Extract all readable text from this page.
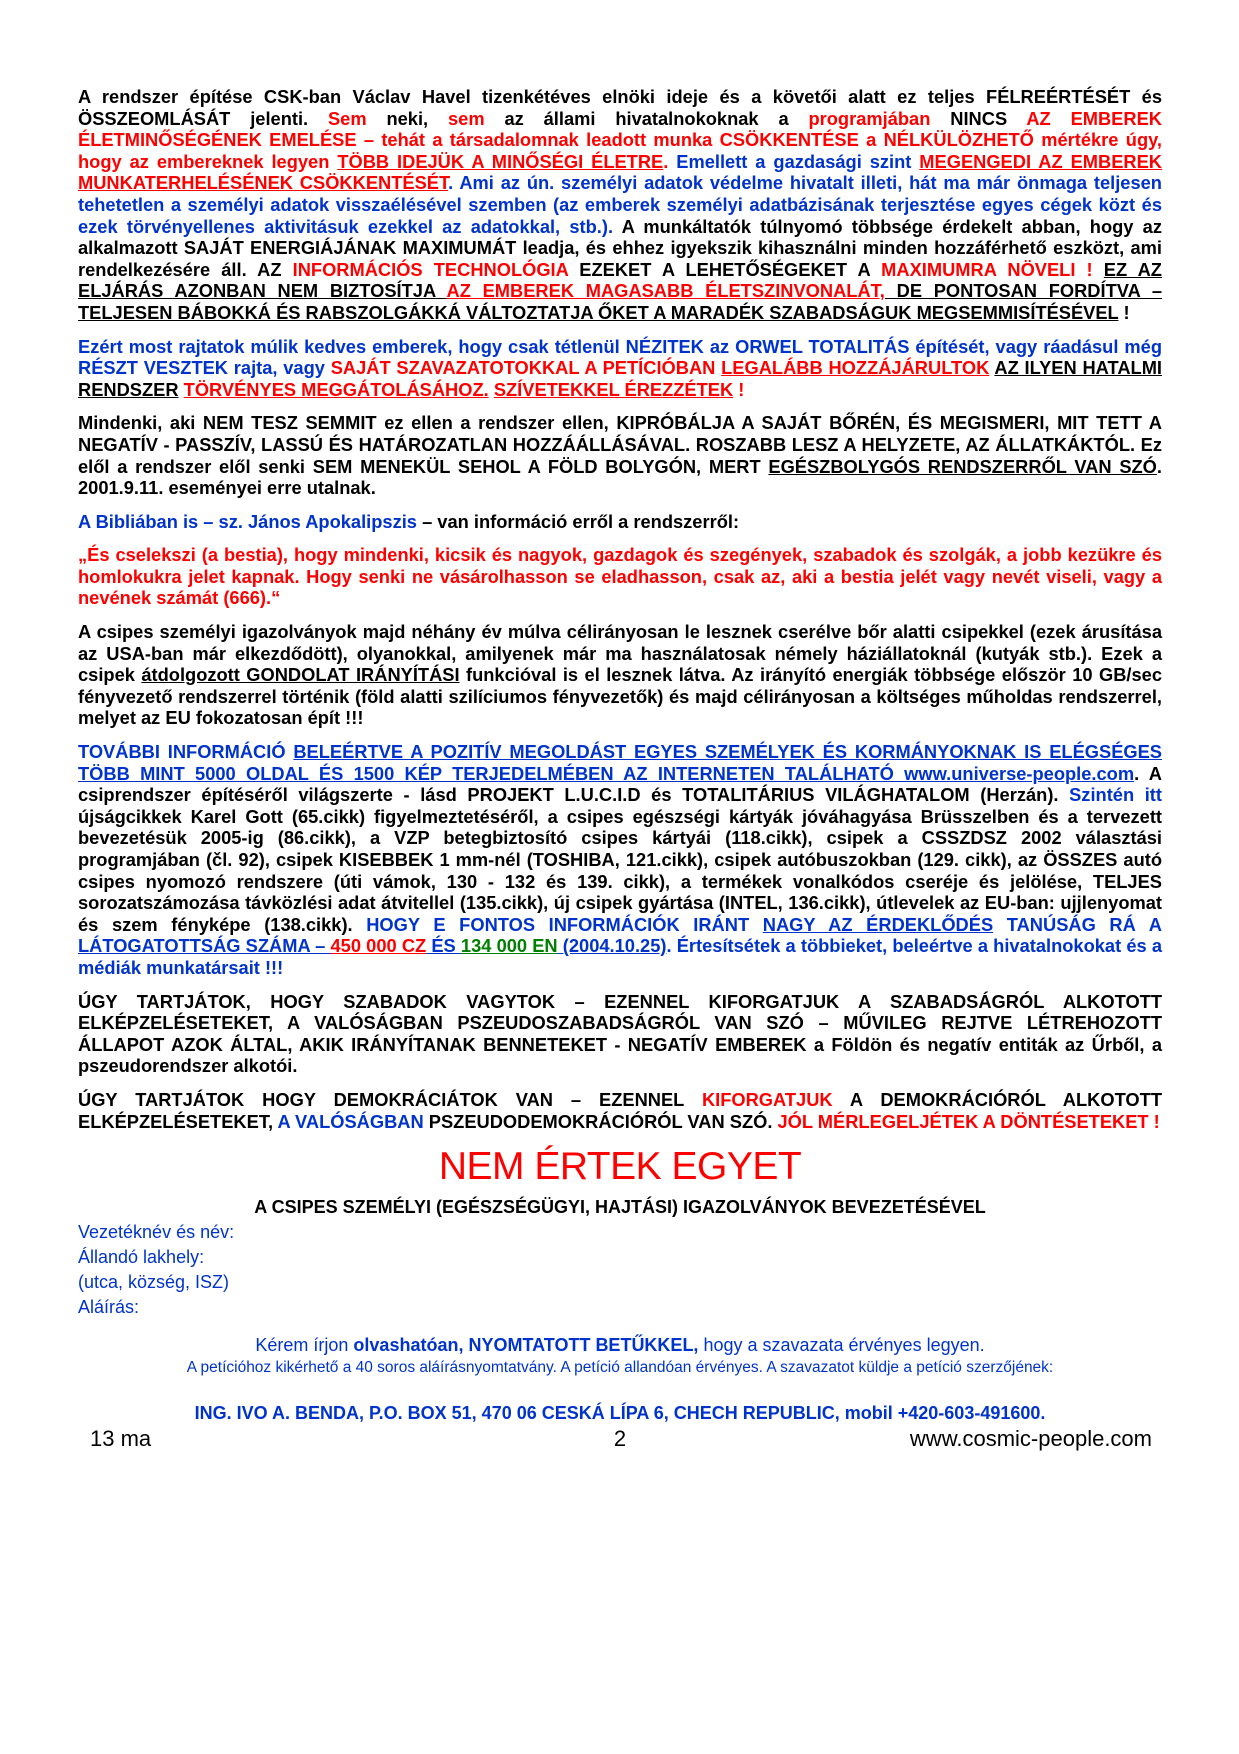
A rendszer építése CSK-ban Václav Havel tizenkétéves elnöki ideje és a követői alatt ez teljes FÉLREÉRTÉSÉT és ÖSSZEOMLÁSÁT jelenti. Sem neki, sem az állami hivatalnokoknak a programjában NINCS AZ EMBEREK ÉLETMINŐSÉGÉNEK EMELÉSE – tehát a társadalomnak leadott munka CSÖKKENTÉSE a NÉLKÜLÖZHETŐ mértékre úgy, hogy az embereknek legyen TÖBB IDEJÜK A MINŐSÉGI ÉLETRE. Emellett a gazdasági szint MEGENGEDI AZ EMBEREK MUNKATERHELÉSÉNEK CSÖKKENTÉSÉT. Ami az ún. személyi adatok védelme hivatalt illeti, hát ma már önmaga teljesen tehetetlen a személyi adatok visszaélésével szemben (az emberek személyi adatbázisának terjesztése egyes cégek közt és ezek törvényellenes aktivitásuk ezekkel az adatokkal, stb.). A munkáltatók túlnyomó többsége érdekelt abban, hogy az alkalmazott SAJÁT ENERGIÁJÁNAK MAXIMUMÁT leadja, és ehhez igyekszik kihasználni minden hozzáférhető eszközt, ami rendelkezésére áll. AZ INFORMÁCIÓS TECHNOLÓGIA EZEKET A LEHETŐSÉGEKET A MAXIMUMRA NÖVELI ! EZ AZ ELJÁRÁS AZONBAN NEM BIZTOSÍTJA AZ EMBEREK MAGASABB ÉLETSZINVONALÁT, DE PONTOSAN FORDÍTVA – TELJESEN BÁBOKKÁ ÉS RABSZOLGÁKKÁ VÁLTOZTATJA ŐKET A MARADÉK SZABADSÁGUK MEGSEMMISÍTÉSÉVEL !

Ezért most rajtatok múlik kedves emberek, hogy csak tétlenül NÉZITEK az ORWEL TOTALITÁS építését, vagy ráadásul még RÉSZT VESZTEK rajta, vagy SAJÁT SZAVAZATOTOKKAL A PETÍCIÓBAN LEGALÁBB HOZZÁJÁRULTOK AZ ILYEN HATALMI RENDSZER TÖRVÉNYES MEGGÁTOLÁSÁHOZ. SZÍVETEKKEL ÉREZZÉTEK !

Mindenki, aki NEM TESZ SEMMIT ez ellen a rendszer ellen, KIPRÓBÁLJA A SAJÁT BŐRÉN, ÉS MEGISMERI, MIT TETT A NEGATÍV - PASSZÍV, LASSÚ ÉS HATÁROZATLAN HOZZÁÁLLÁSÁVAL. ROSZABB LESZ A HELYZETE, AZ ÁLLATKÁKTÓL. Ez elől a rendszer elől senki SEM MENEKÜL SEHOL A FÖLD BOLYGÓN, MERT EGÉSZBOLYGÓS RENDSZERRŐL VAN SZÓ. 2001.9.11. eseményei erre utalnak.

A Bibliában is – sz. János Apokalipszis – van információ erről a rendszerről:

„És cselekszi (a bestia), hogy mindenki, kicsik és nagyok, gazdagok és szegények, szabadok és szolgák, a jobb kezükre és homlokukra jelet kapnak. Hogy senki ne vásárolhasson se eladhasson, csak az, aki a bestia jelét vagy nevét viseli, vagy a nevének számát (666).“

A csipes személyi igazolványok majd néhány év múlva célirányosan le lesznek cserélve bőr alatti csipekkel (ezek árusítása az USA-ban már elkezdődött), olyanokkal, amilyenek már ma használatosak némely háziállatoknál (kutyák stb.). Ezek a csipek átdolgozott GONDOLAT IRÁNYÍTÁSI funkcióval is el lesznek látva. Az irányító energiák többsége először 10 GB/sec fényvezető rendszerrel történik (föld alatti szilíciumos fényvezetők) és majd célirányosan a költséges műholdas rendszerrel, melyet az EU fokozatosan épít !!!

TOVÁBBI INFORMÁCIÓ BELEÉRTVE A POZITÍV MEGOLDÁST EGYES SZEMÉLYEK ÉS KORMÁNYOKNAK IS ELÉGSÉGES TÖBB MINT 5000 OLDAL ÉS 1500 KÉP TERJEDELMÉBEN AZ INTERNETEN TALÁLHATÓ www.universe-people.com. A csiprendszer építéséről világszerte - lásd PROJEKT L.U.C.I.D és TOTALITÁRIUS VILÁGHATALOM (Herzán). Szintén itt újságcikkek Karel Gott (65.cikk) figyelmeztetéséről, a csipes egészségi kártyák jóváhagyása Brüsszelben és a tervezett bevezetésük 2005-ig (86.cikk), a VZP betegbiztosító csipes kártyái (118.cikk), csipek a CSSZDSZ 2002 választási programjában (čl. 92), csipek KISEBBEK 1 mm-nél (TOSHIBA, 121.cikk), csipek autóbuszokban (129. cikk), az ÖSSZES autó csipes nyomozó rendszere (úti vámok, 130 - 132 és 139. cikk), a termékek vonalkódos cseréje és jelölése, TELJES sorozatszámozása távközlési adat átvitellel (135.cikk), új csipek gyártása (INTEL, 136.cikk), útlevelek az EU-ban: ujjlenyomat és szem fényképe (138.cikk). HOGY E FONTOS INFORMÁCIÓK IRÁNT NAGY AZ ÉRDEKLŐDÉS TANÚSÁG RÁ A LÁTOGATOTTSÁG SZÁMA – 450 000 CZ ÉS 134 000 EN (2004.10.25). Értesítsétek a többieket, beleértve a hivatalnokokat és a médiák munkatársait !!!

ÚGY TARTJÁTOK, HOGY SZABADOK VAGYTOK – EZENNEL KIFORGATJUK A SZABADSÁGRÓL ALKOTOTT ELKÉPZELÉSETEKET, A VALÓSÁGBAN PSZEUDOSZABADSÁGRÓL VAN SZÓ – MŰVILEG REJTVE LÉTREHOZOTT ÁLLAPOT AZOK ÁLTAL, AKIK IRÁNYÍTANAK BENNETEKET - NEGATÍV EMBEREK a Földön és negatív entiták az Űrből, a pszeudorendszer alkotói.

ÚGY TARTJÁTOK HOGY DEMOKRÁCIÁTOK VAN – EZENNEL KIFORGATJUK A DEMOKRÁCIÓRÓL ALKOTOTT ELKÉPZELÉSETEKET, A VALÓSÁGBAN PSZEUDODEMOKRÁCIÓRÓL VAN SZÓ. JÓL MÉRLEGELJÉTEK A DÖNTÉSETEKET !

NEM ÉRTEK EGYET
A CSIPES SZEMÉLYI (EGÉSZSÉGÜGYI, HAJTÁSI) IGAZOLVÁNYOK BEVEZETÉSÉVEL
Vezetéknév és név:
Állandó lakhely:
(utca, község, ISZ)
Aláírás:
Kérem írjon olvashatóan, NYOMTATOTT BETŰKKEL, hogy a szavazata érvényes legyen.
A petícióhoz kikérhető a 40 soros aláírásnyomtatvány. A petíció allandóan érvényes. A szavazatot küldje a petíció szerzőjének:
ING. IVO A. BENDA, P.O. BOX 51, 470 06 CESKÁ LÍPA 6, CHECH REPUBLIC, mobil +420-603-491600.
13 ma	2	www.cosmic-people.com
